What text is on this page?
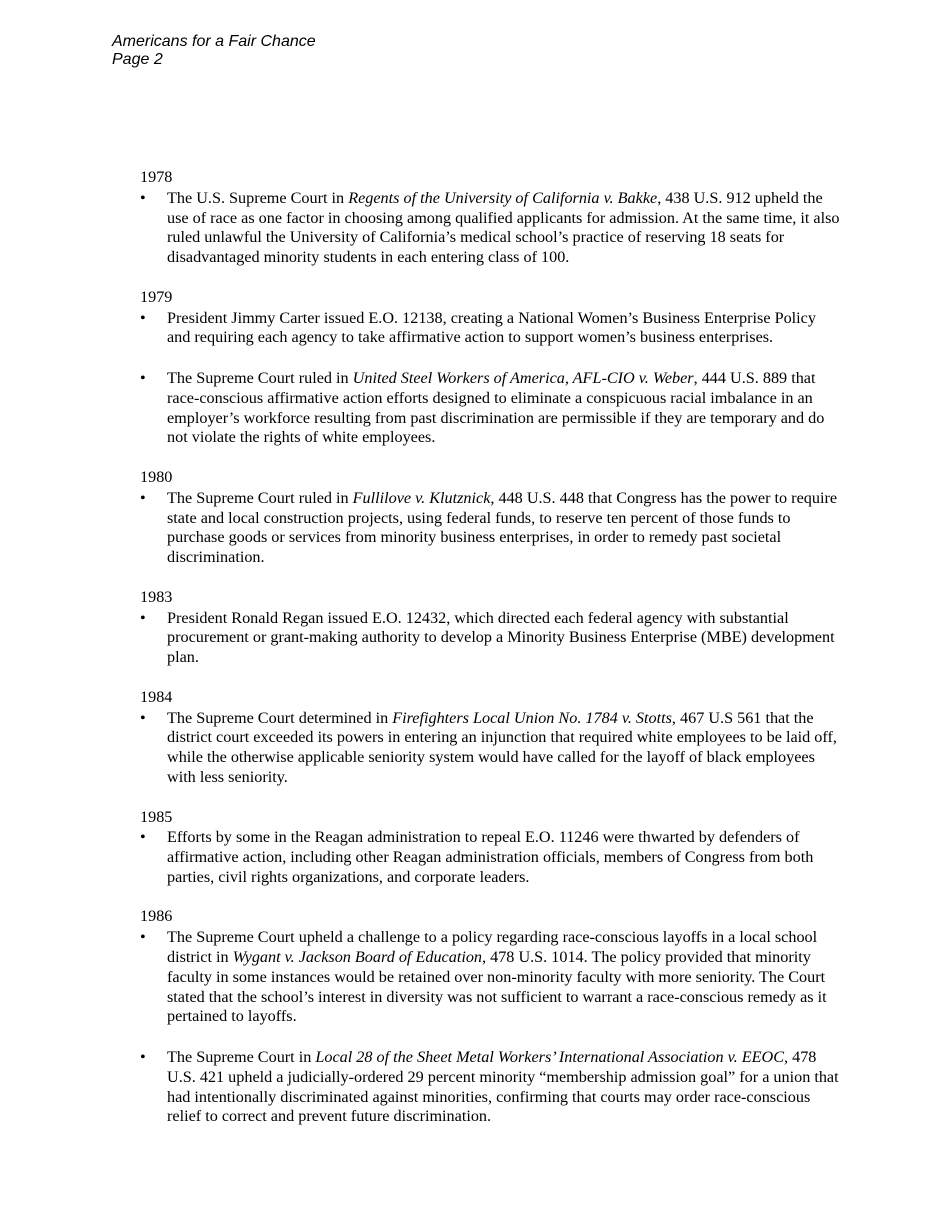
Americans for a Fair Chance
Page 2

1978

• The U.S. Supreme Court in Regents of the University of California v. Bakke, 438 U.S. 912 upheld the use of race as one factor in choosing among qualified applicants for admission. At the same time, it also ruled unlawful the University of California’s medical school’s practice of reserving 18 seats for disadvantaged minority students in each entering class of 100.

1979

• President Jimmy Carter issued E.O. 12138, creating a National Women’s Business Enterprise Policy and requiring each agency to take affirmative action to support women’s business enterprises.

• The Supreme Court ruled in United Steel Workers of America, AFL-CIO v. Weber, 444 U.S. 889 that race-conscious affirmative action efforts designed to eliminate a conspicuous racial imbalance in an employer’s workforce resulting from past discrimination are permissible if they are temporary and do not violate the rights of white employees.

1980

• The Supreme Court ruled in Fullilove v. Klutznick, 448 U.S. 448 that Congress has the power to require state and local construction projects, using federal funds, to reserve ten percent of those funds to purchase goods or services from minority business enterprises, in order to remedy past societal discrimination.

1983

• President Ronald Regan issued E.O. 12432, which directed each federal agency with substantial procurement or grant-making authority to develop a Minority Business Enterprise (MBE) development plan.

1984

• The Supreme Court determined in Firefighters Local Union No. 1784 v. Stotts, 467 U.S 561 that the district court exceeded its powers in entering an injunction that required white employees to be laid off, while the otherwise applicable seniority system would have called for the layoff of black employees with less seniority.

1985

• Efforts by some in the Reagan administration to repeal E.O. 11246 were thwarted by defenders of affirmative action, including other Reagan administration officials, members of Congress from both parties, civil rights organizations, and corporate leaders.

1986

• The Supreme Court upheld a challenge to a policy regarding race-conscious layoffs in a local school district in Wygant v. Jackson Board of Education, 478 U.S. 1014. The policy provided that minority faculty in some instances would be retained over non-minority faculty with more seniority. The Court stated that the school’s interest in diversity was not sufficient to warrant a race-conscious remedy as it pertained to layoffs.

• The Supreme Court in Local 28 of the Sheet Metal Workers’ International Association v. EEOC, 478 U.S. 421 upheld a judicially-ordered 29 percent minority “membership admission goal” for a union that had intentionally discriminated against minorities, confirming that courts may order race-conscious relief to correct and prevent future discrimination.
